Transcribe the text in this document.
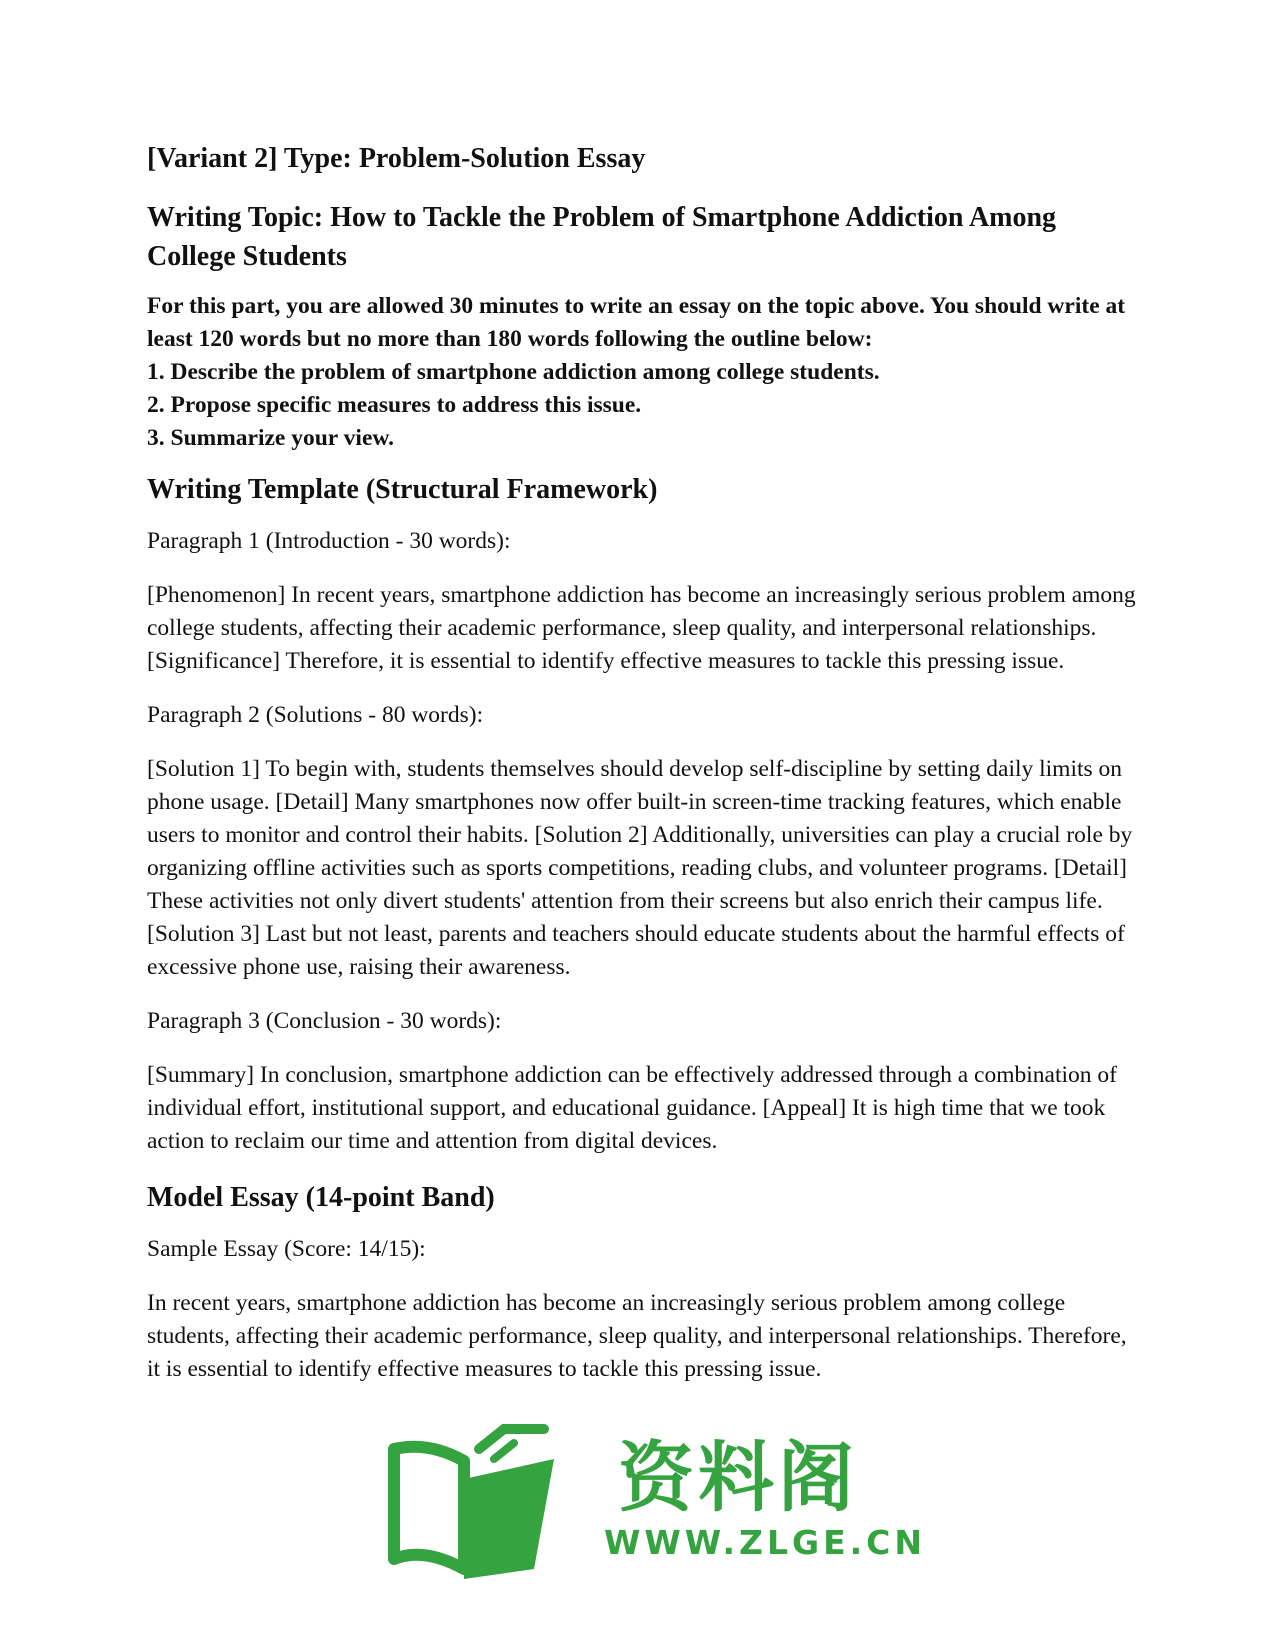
[Variant 2] Type: Problem-Solution Essay
Writing Topic: How to Tackle the Problem of Smartphone Addiction Among College Students
For this part, you are allowed 30 minutes to write an essay on the topic above. You should write at least 120 words but no more than 180 words following the outline below:
1. Describe the problem of smartphone addiction among college students.
2. Propose specific measures to address this issue.
3. Summarize your view.
Writing Template (Structural Framework)

Paragraph 1 (Introduction - 30 words):

[Phenomenon] In recent years, smartphone addiction has become an increasingly serious problem among college students, affecting their academic performance, sleep quality, and interpersonal relationships. [Significance] Therefore, it is essential to identify effective measures to tackle this pressing issue.

Paragraph 2 (Solutions - 80 words):

[Solution 1] To begin with, students themselves should develop self-discipline by setting daily limits on phone usage. [Detail] Many smartphones now offer built-in screen-time tracking features, which enable users to monitor and control their habits. [Solution 2] Additionally, universities can play a crucial role by organizing offline activities such as sports competitions, reading clubs, and volunteer programs. [Detail] These activities not only divert students' attention from their screens but also enrich their campus life. [Solution 3] Last but not least, parents and teachers should educate students about the harmful effects of excessive phone use, raising their awareness.

Paragraph 3 (Conclusion - 30 words):

[Summary] In conclusion, smartphone addiction can be effectively addressed through a combination of individual effort, institutional support, and educational guidance. [Appeal] It is high time that we took action to reclaim our time and attention from digital devices.

Model Essay (14-point Band)

Sample Essay (Score: 14/15):

In recent years, smartphone addiction has become an increasingly serious problem among college students, affecting their academic performance, sleep quality, and interpersonal relationships. Therefore, it is essential to identify effective measures to tackle this pressing issue.

资料阁
WWW.ZLGE.CN
